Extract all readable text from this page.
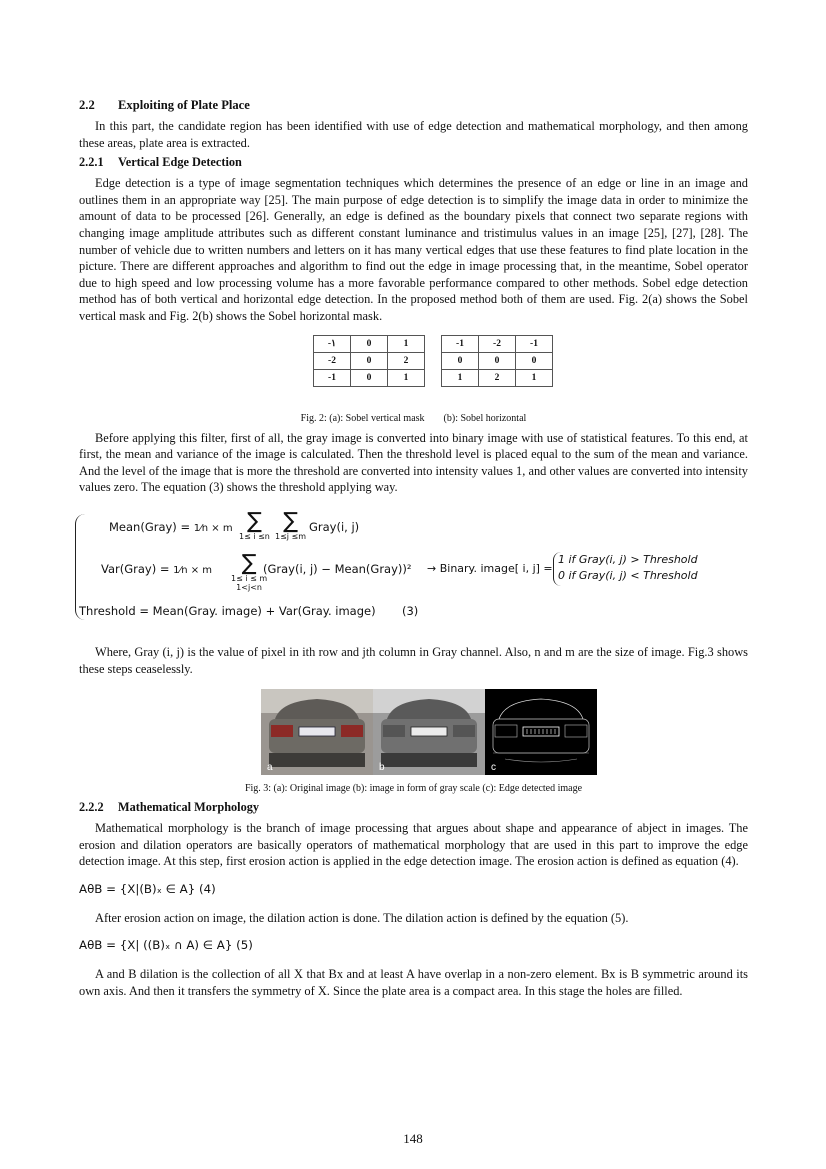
2.2 Exploiting of Plate Place

In this part, the candidate region has been identified with use of edge detection and mathematical morphology, and then among these areas, plate area is extracted.

2.2.1 Vertical Edge Detection

Edge detection is a type of image segmentation techniques which determines the presence of an edge or line in an image and outlines them in an appropriate way [25]. The main purpose of edge detection is to simplify the image data in order to minimize the amount of data to be processed [26]. Generally, an edge is defined as the boundary pixels that connect two separate regions with changing image amplitude attributes such as different constant luminance and tristimulus values in an image [25], [27], [28]. The number of vehicle due to written numbers and letters on it has many vertical edges that use these features to find plate location in the picture. There are different approaches and algorithm to find out the edge in image processing that, in the meantime, Sobel operator due to high speed and low processing volume has a more favorable performance compared to other methods. Sobel edge detection method has of both vertical and horizontal edge detection. In the proposed method both of them are used. Fig. 2(a) shows the Sobel vertical mask and Fig. 2(b) shows the Sobel horizontal mask.

-١	0	1
-2	0	2
-1	0	1
-1	-2	-1
0	0	0
1	2	1
Fig. 2: (a): Sobel vertical mask (b): Sobel horizontal

Before applying this filter, first of all, the gray image is converted into binary image with use of statistical features. To this end, at first, the mean and variance of the image is calculated. Then the threshold level is placed equal to the sum of the mean and variance. And the level of the image that is more the threshold are converted into intensity values 1, and other values are converted into intensity values zero. The equation (3) shows the threshold applying way.

Mean(Gray) = 1⁄n × m ∑
1≤ i ≤n
∑
1≤j ≤m
Gray(i, j)
Var(Gray) = 1⁄n × m	∑
1≤ i ≤ m
1<j<n
(Gray(i, j) − Mean(Gray))²
Threshold = Mean(Gray. image) + Var(Gray. image) (3)
→ Binary. image[ i, j] =
1 if Gray(i, j) > Threshold
0 if Gray(i, j) < Threshold

Where, Gray (i, j) is the value of pixel in ith row and jth column in Gray channel. Also, n and m are the size of image. Fig.3 shows these steps ceaselessly.

a	b	c
Fig. 3: (a): Original image (b): image in form of gray scale (c): Edge detected image
2.2.2 Mathematical Morphology

Mathematical morphology is the branch of image processing that argues about shape and appearance of abject in images. The erosion and dilation operators are basically operators of mathematical morphology that are used in this part to improve the edge detection image. At this step, first erosion action is applied in the edge detection image. The erosion action is defined as equation (4).

AθB = {X|(B)ₓ ∈ A} (4)

After erosion action on image, the dilation action is done. The dilation action is defined by the equation (5).

AθB = {X| ((B)ₓ ∩ A) ∈ A} (5)

A and B dilation is the collection of all X that Bx and at least A have overlap in a non-zero element. Bx is B symmetric around its own axis. And then it transfers the symmetry of X. Since the plate area is a compact area. In this stage the holes are filled.

148
